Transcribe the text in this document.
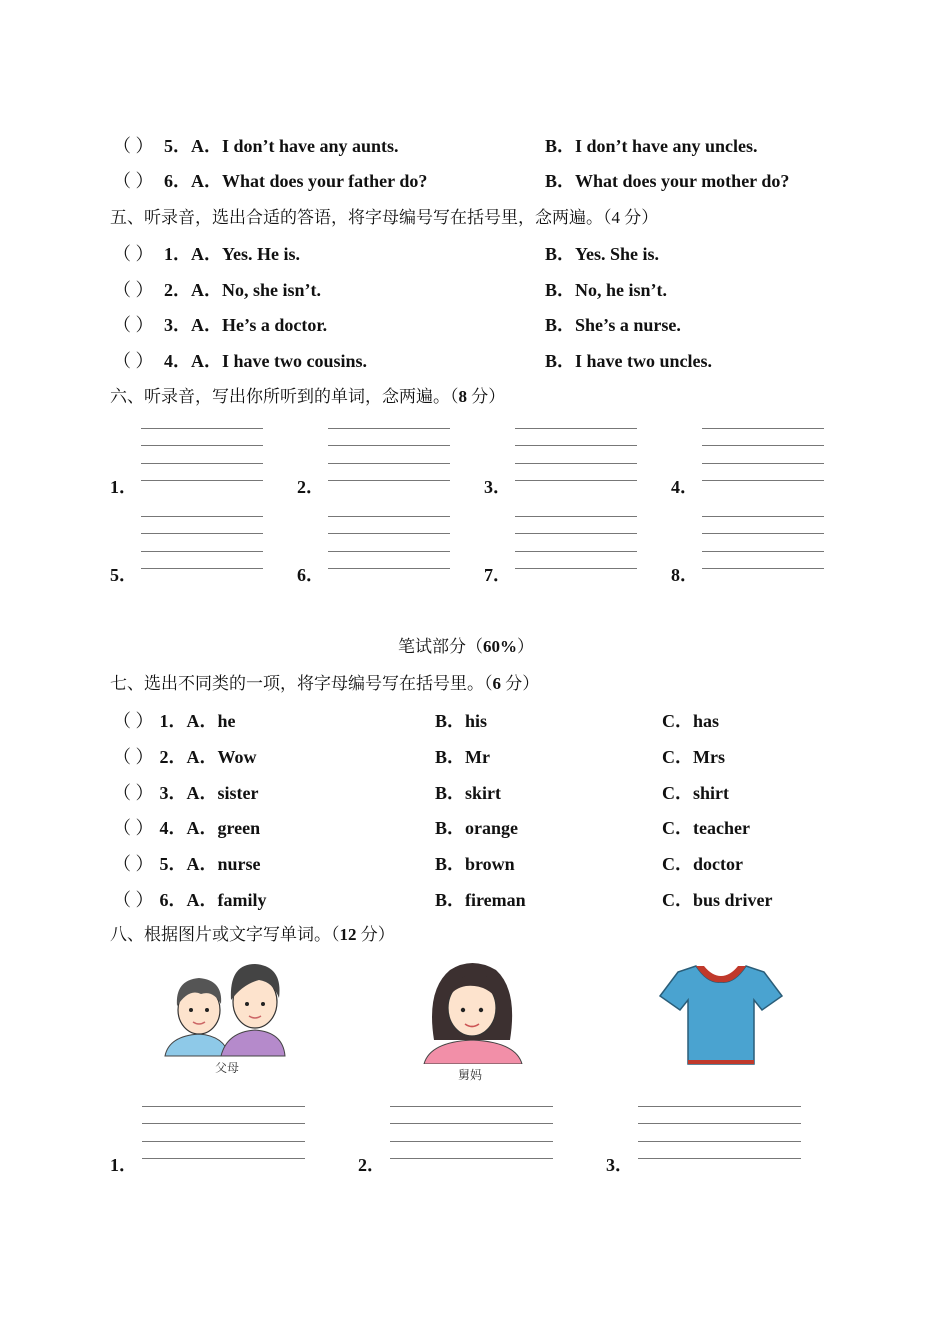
（ ） 5．A．I don’t have any aunts.	B．I don’t have any uncles.
（ ） 6．A．What does your father do?	B．What does your mother do?
五、听录音，选出合适的答语，将字母编号写在括号里，念两遍。（4 分）
（ ） 1．A．Yes. He is.	B．Yes. She is.
（ ） 2．A．No, she isn’t.	B．No, he isn’t.
（ ） 3．A．He’s a doctor.	B．She’s a nurse.
（ ） 4．A．I have two cousins.	B．I have two uncles.
六、听录音，写出你所听到的单词，念两遍。（8 分）
1．	2．	3．	4．
5．	6．	7．	8．
笔试部分（60%）
七、选出不同类的一项，将字母编号写在括号里。（6 分）
（ ） 1．A．he	B．his	C．has
（ ） 2．A．Wow	B．Mr	C．Mrs
（ ） 3．A．sister	B．skirt	C．shirt
（ ） 4．A．green	B．orange	C．teacher
（ ） 5．A．nurse	B．brown	C．doctor
（ ） 6．A．family	B．fireman	C．bus driver
八、根据图片或文字写单词。（12 分）
父母	舅妈
1．	2．	3．
